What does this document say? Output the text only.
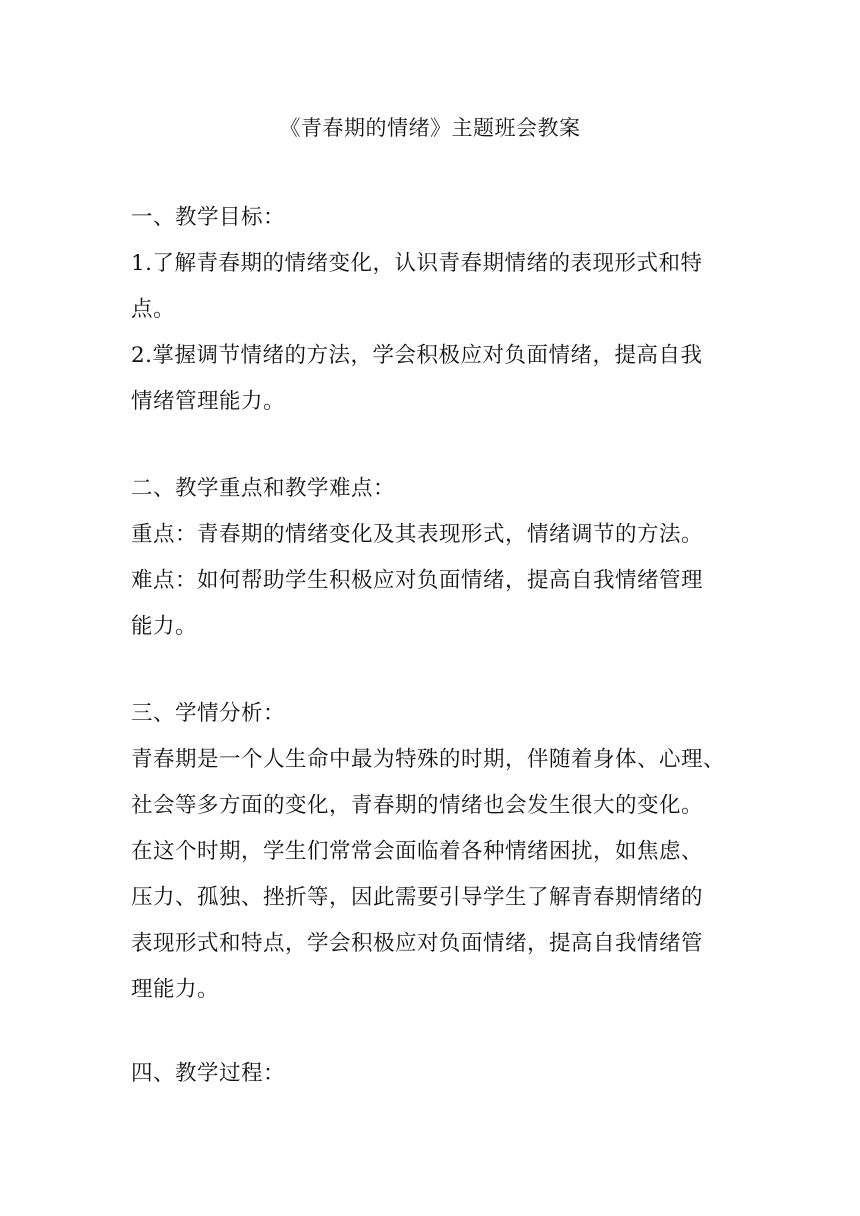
《青春期的情绪》主题班会教案
一、教学目标：
1.了解青春期的情绪变化，认识青春期情绪的表现形式和特
点。
2.掌握调节情绪的方法，学会积极应对负面情绪，提高自我
情绪管理能力。
二、教学重点和教学难点：
重点：青春期的情绪变化及其表现形式，情绪调节的方法。
难点：如何帮助学生积极应对负面情绪，提高自我情绪管理
能力。
三、学情分析：
青春期是一个人生命中最为特殊的时期，伴随着身体、心理、
社会等多方面的变化，青春期的情绪也会发生很大的变化。
在这个时期，学生们常常会面临着各种情绪困扰，如焦虑、
压力、孤独、挫折等，因此需要引导学生了解青春期情绪的
表现形式和特点，学会积极应对负面情绪，提高自我情绪管
理能力。
四、教学过程：
